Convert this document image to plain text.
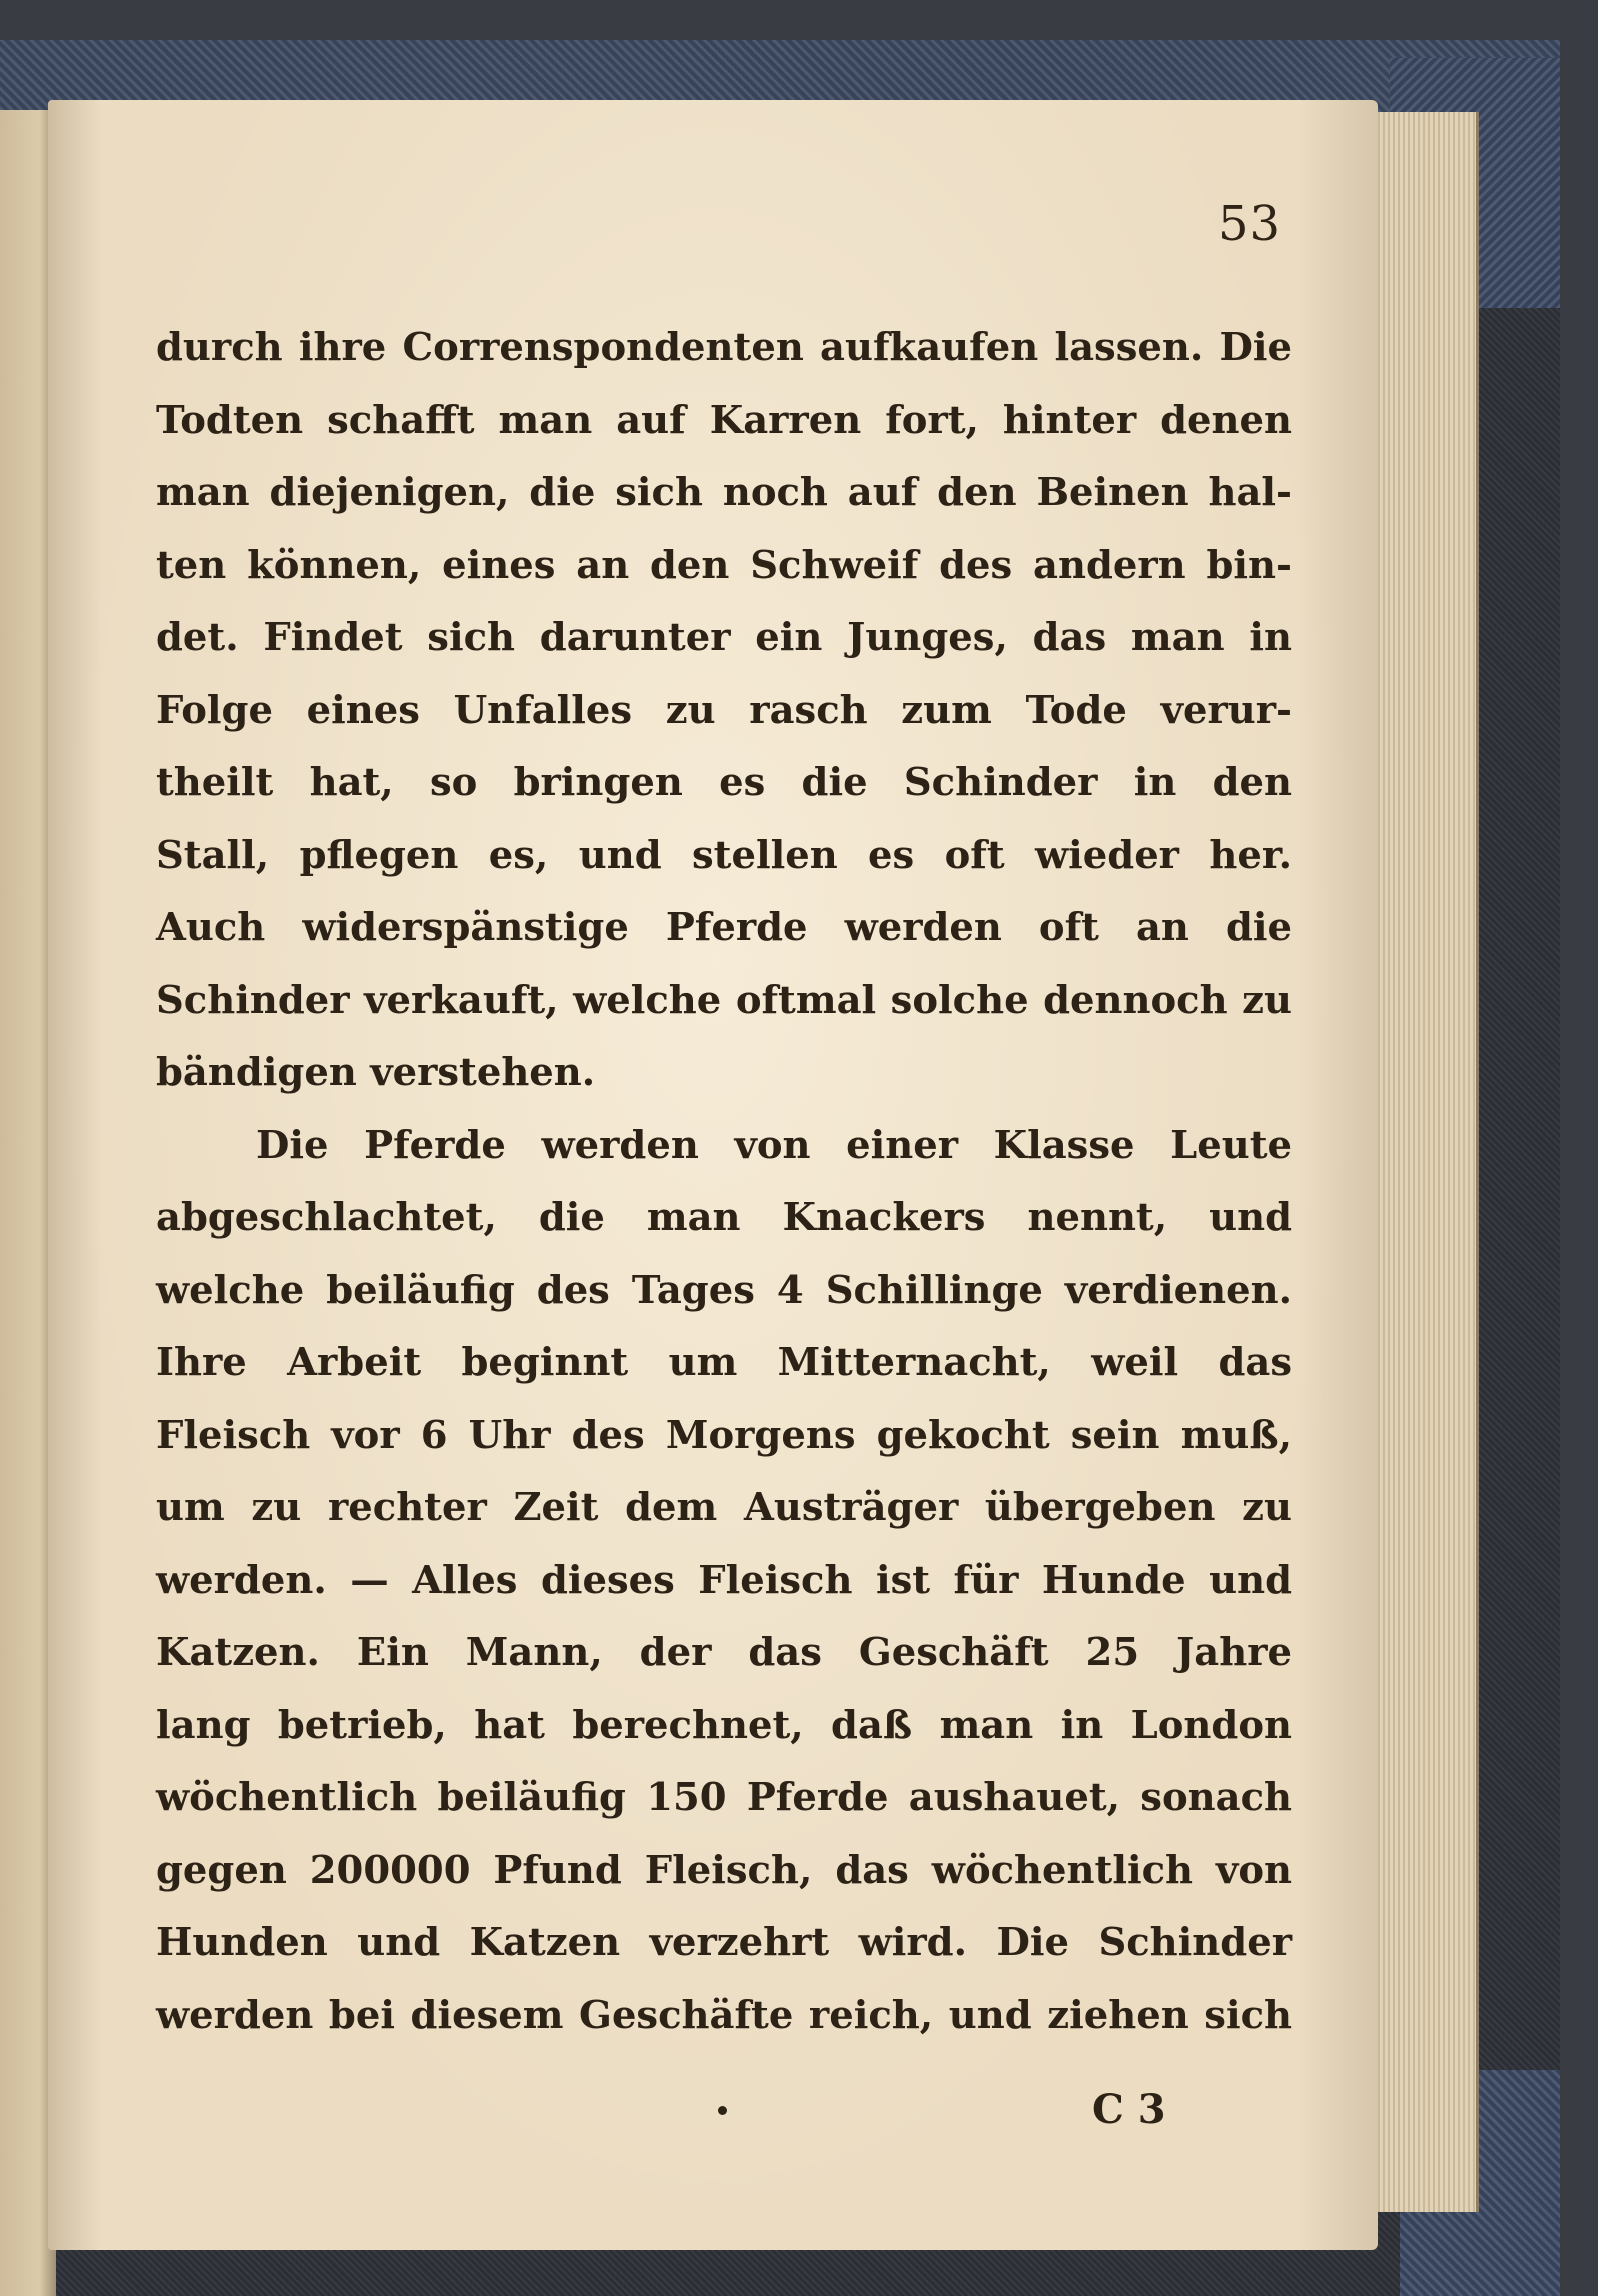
53
durch ihre Correnspondenten aufkaufen lassen. Die
Todten schafft man auf Karren fort, hinter denen
man diejenigen, die sich noch auf den Beinen hal-
ten können, eines an den Schweif des andern bin-
det. Findet sich darunter ein Junges, das man in
Folge eines Unfalles zu rasch zum Tode verur-
theilt hat, so bringen es die Schinder in den
Stall, pflegen es, und stellen es oft wieder her.
Auch widerspänstige Pferde werden oft an die
Schinder verkauft, welche oftmal solche dennoch zu
bändigen verstehen.
Die Pferde werden von einer Klasse Leute
abgeschlachtet, die man Knackers nennt, und
welche beiläufig des Tages 4 Schillinge verdienen.
Ihre Arbeit beginnt um Mitternacht, weil das
Fleisch vor 6 Uhr des Morgens gekocht sein muß,
um zu rechter Zeit dem Austräger übergeben zu
werden. — Alles dieses Fleisch ist für Hunde und
Katzen. Ein Mann, der das Geschäft 25 Jahre
lang betrieb, hat berechnet, daß man in London
wöchentlich beiläufig 150 Pferde aushauet, sonach
gegen 200000 Pfund Fleisch, das wöchentlich von
Hunden und Katzen verzehrt wird. Die Schinder
werden bei diesem Geschäfte reich, und ziehen sich
C 3
